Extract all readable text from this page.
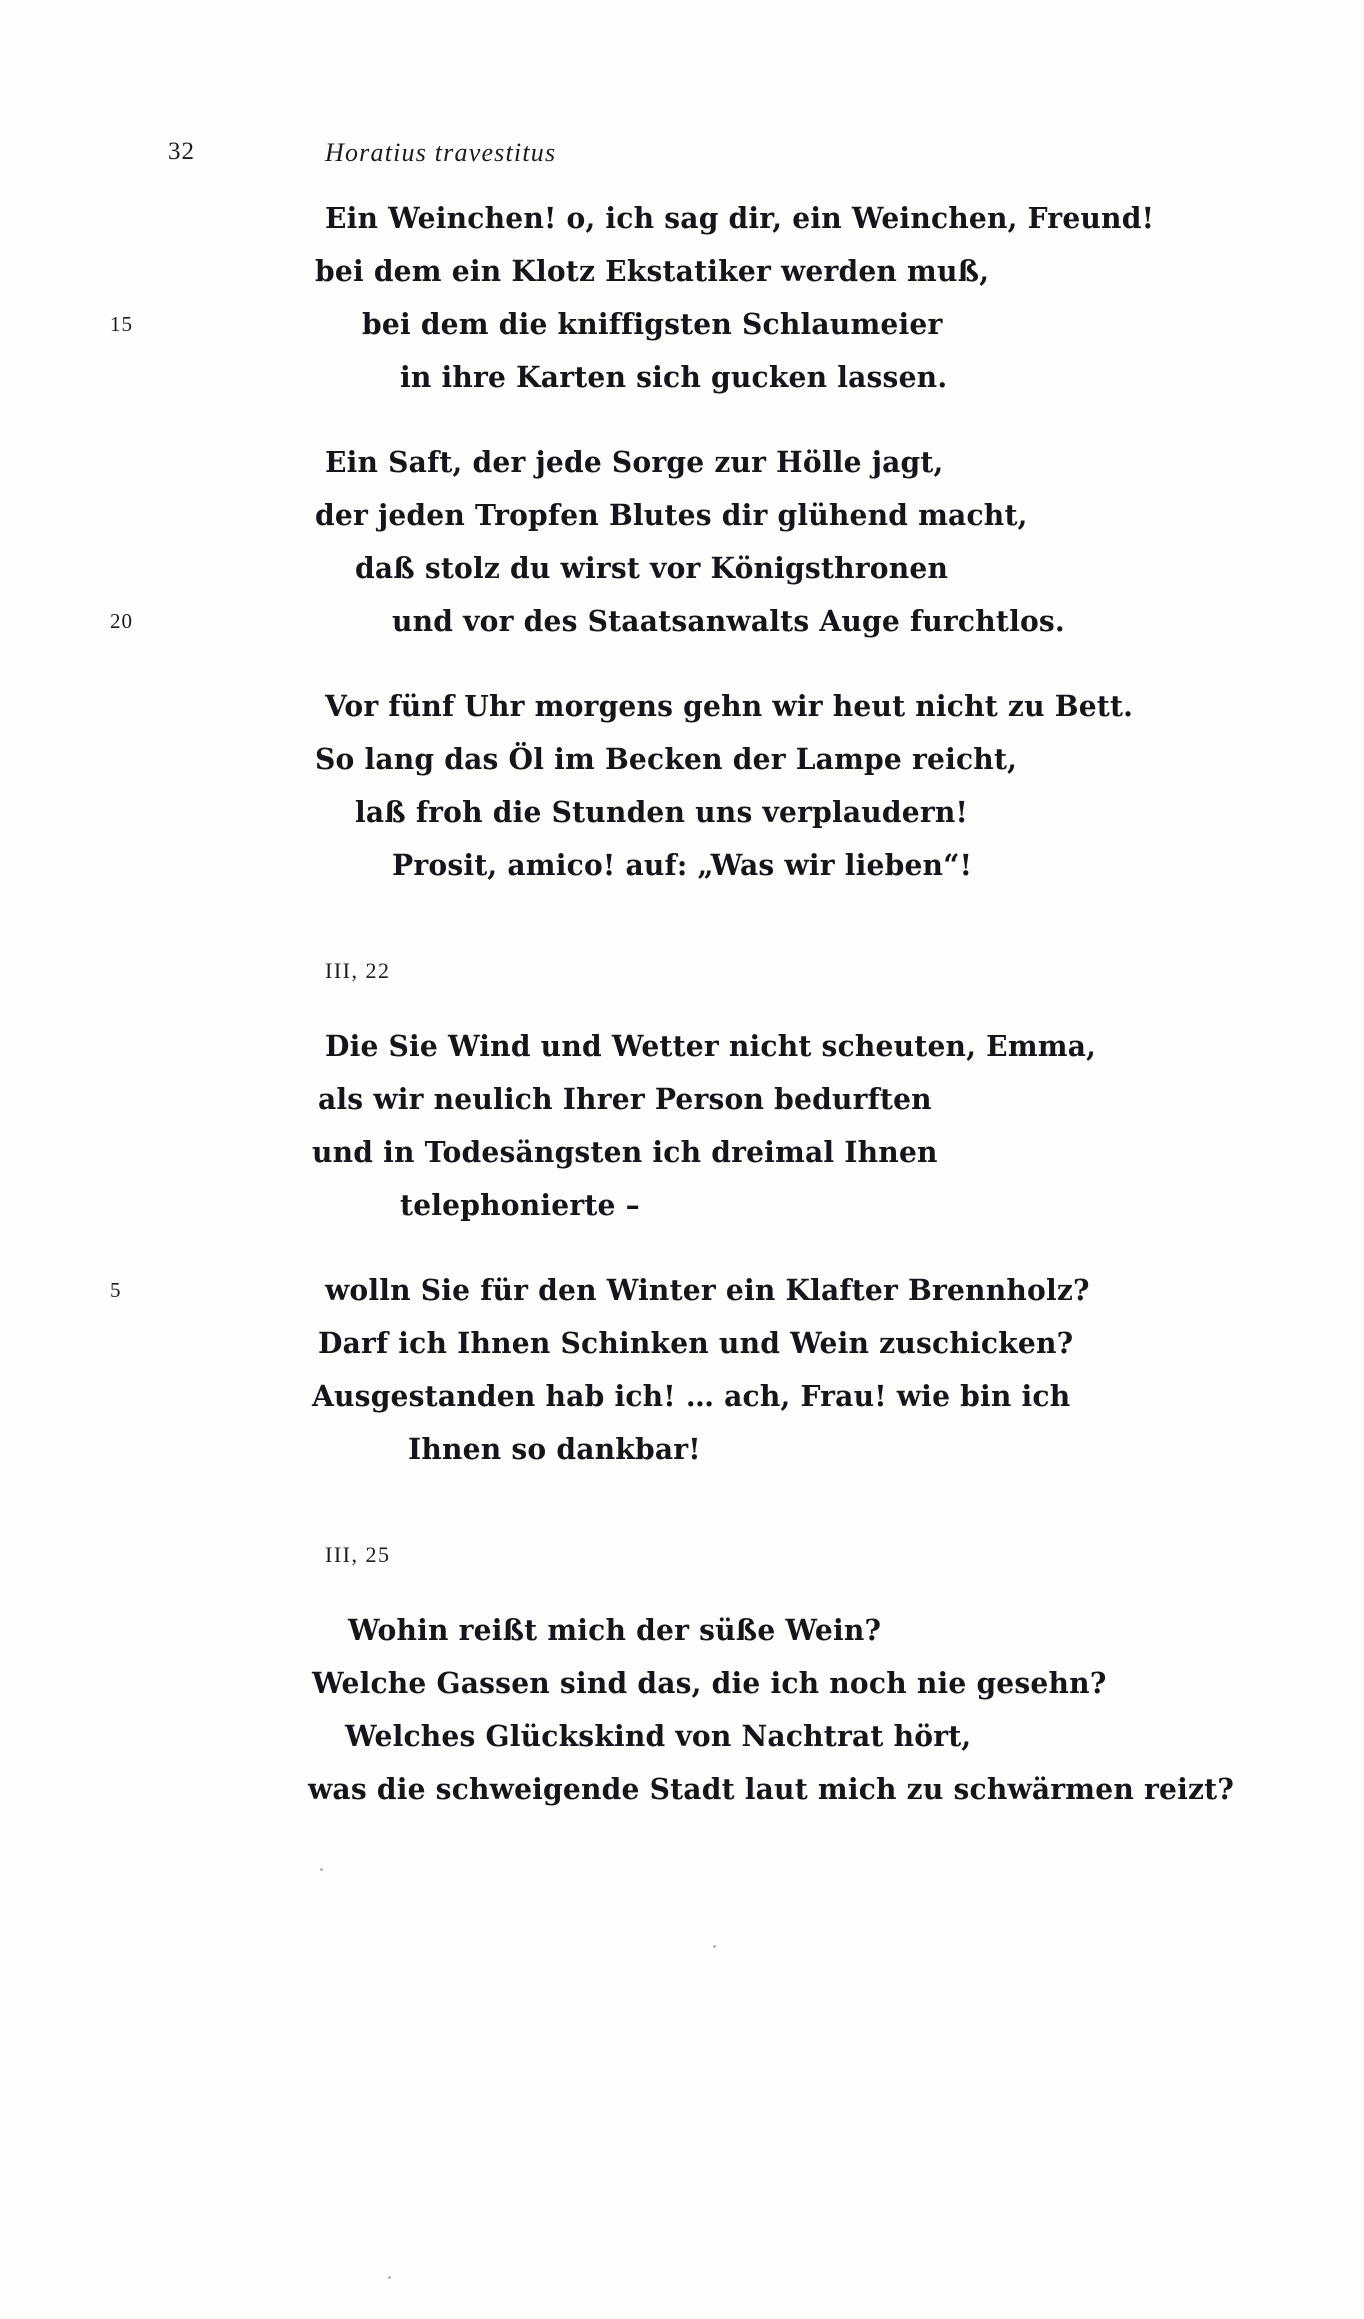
32	Horatius travestitus
Ein Weinchen! o, ich sag dir, ein Weinchen, Freund!
bei dem ein Klotz Ekstatiker werden muß,
15	bei dem die kniffigsten Schlaumeier
in ihre Karten sich gucken lassen.
Ein Saft, der jede Sorge zur Hölle jagt,
der jeden Tropfen Blutes dir glühend macht,
daß stolz du wirst vor Königsthronen
20	und vor des Staatsanwalts Auge furchtlos.
Vor fünf Uhr morgens gehn wir heut nicht zu Bett.
So lang das Öl im Becken der Lampe reicht,
laß froh die Stunden uns verplaudern!
Prosit, amico! auf: „Was wir lieben“!
III, 22
Die Sie Wind und Wetter nicht scheuten, Emma,
als wir neulich Ihrer Person bedurften
und in Todesängsten ich dreimal Ihnen
telephonierte –
5	wolln Sie für den Winter ein Klafter Brennholz?
Darf ich Ihnen Schinken und Wein zuschicken?
Ausgestanden hab ich! … ach, Frau! wie bin ich
Ihnen so dankbar!
III, 25
Wohin reißt mich der süße Wein?
Welche Gassen sind das, die ich noch nie gesehn?
Welches Glückskind von Nachtrat hört,
was die schweigende Stadt laut mich zu schwärmen reizt?
